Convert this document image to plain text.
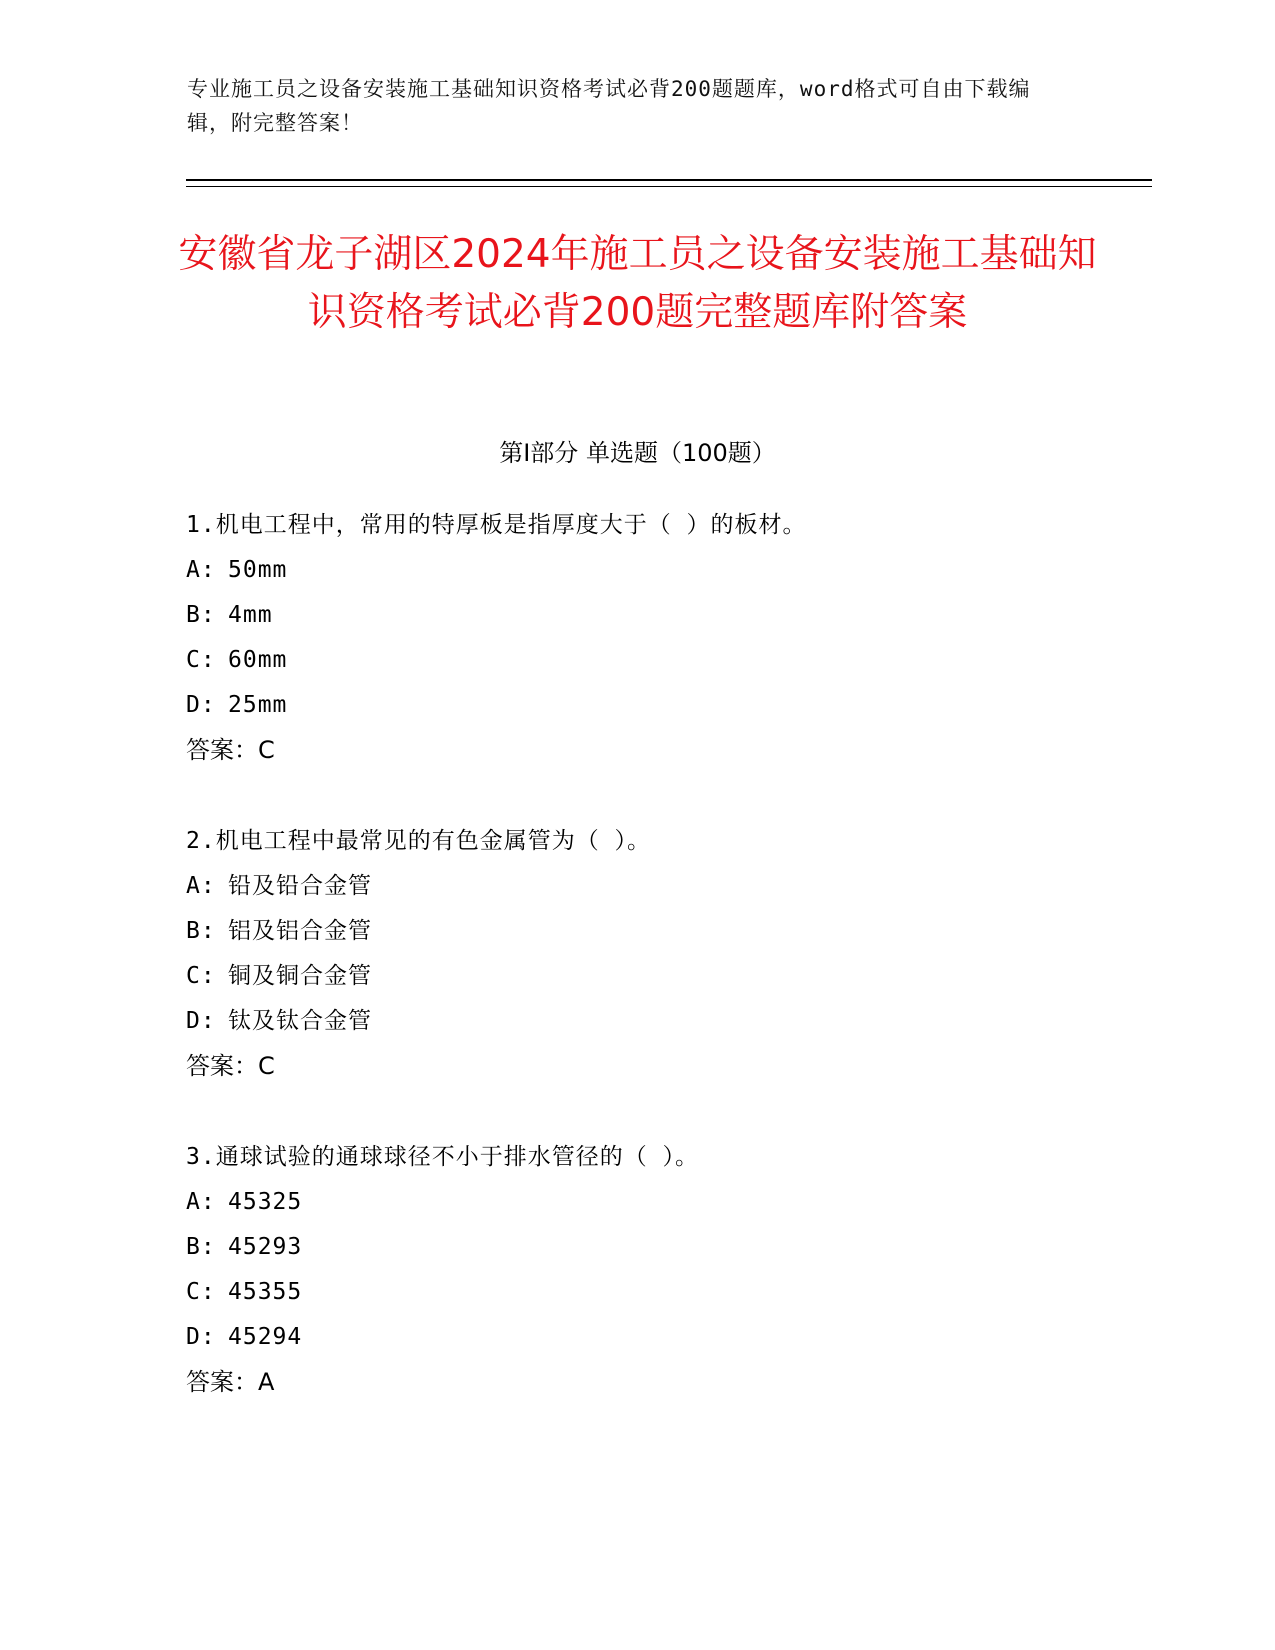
专业施工员之设备安装施工基础知识资格考试必背200题题库，word格式可自由下载编辑，附完整答案！
安徽省龙子湖区2024年施工员之设备安装施工基础知识资格考试必背200题完整题库附答案
第Ⅰ部分 单选题（100题）
1.机电工程中，常用的特厚板是指厚度大于（ ）的板材。
A: 50mm
B: 4mm
C: 60mm
D: 25mm
答案：C
2.机电工程中最常见的有色金属管为（ ）。
A: 铅及铅合金管
B: 铝及铝合金管
C: 铜及铜合金管
D: 钛及钛合金管
答案：C
3.通球试验的通球球径不小于排水管径的（ ）。
A: 45325
B: 45293
C: 45355
D: 45294
答案：A
